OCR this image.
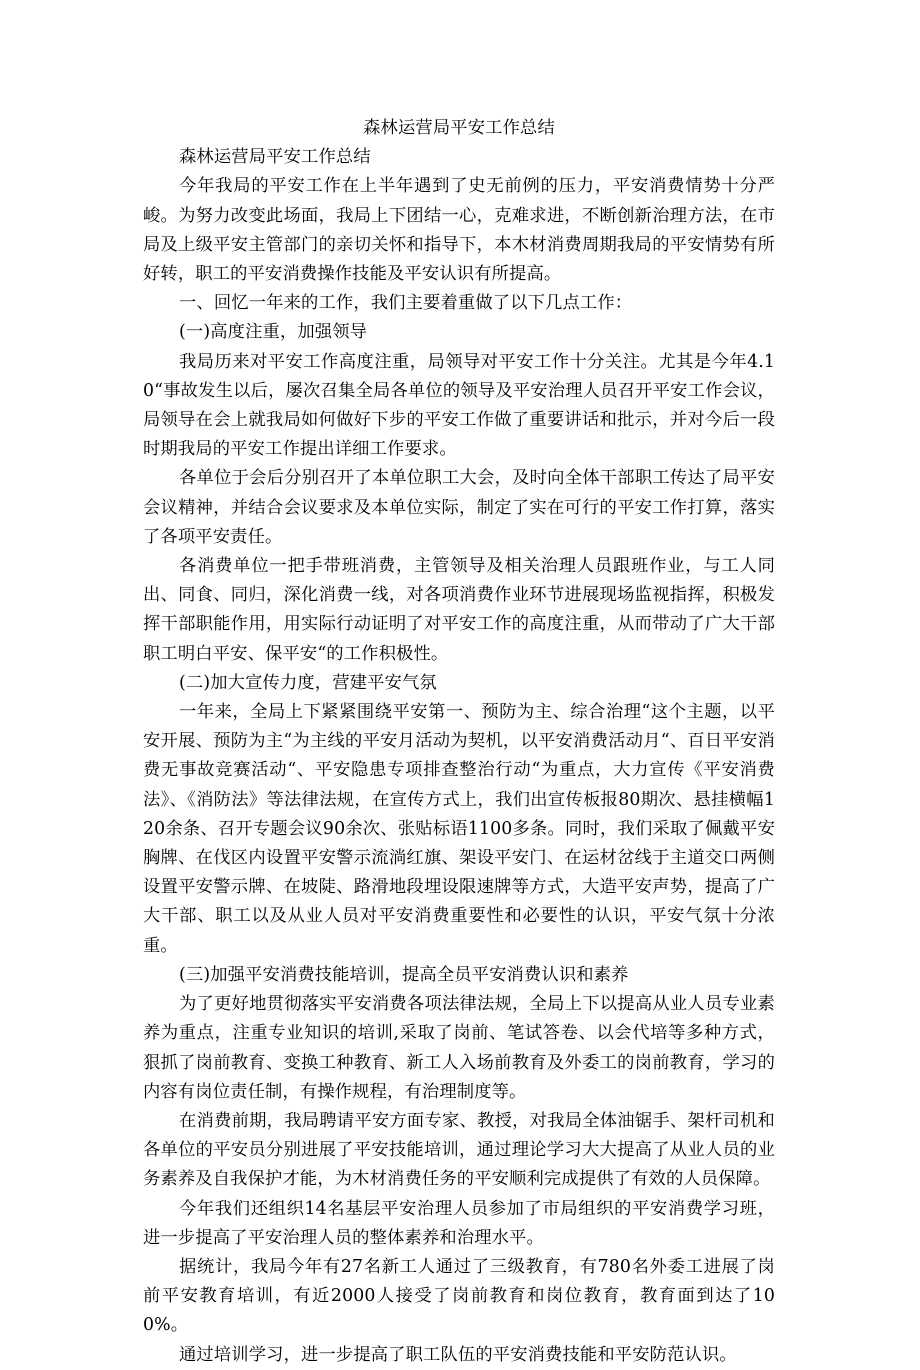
森林运营局平安工作总结

森林运营局平安工作总结

今年我局的平安工作在上半年遇到了史无前例的压力，平安消费情势十分严峻。为努力改变此场面，我局上下团结一心，克难求进，不断创新治理方法，在市局及上级平安主管部门的亲切关怀和指导下，本木材消费周期我局的平安情势有所好转，职工的平安消费操作技能及平安认识有所提高。

一、回忆一年来的工作，我们主要着重做了以下几点工作：

(一)高度注重，加强领导

我局历来对平安工作高度注重，局领导对平安工作十分关注。尤其是今年4.10“事故发生以后，屡次召集全局各单位的领导及平安治理人员召开平安工作会议，局领导在会上就我局如何做好下步的平安工作做了重要讲话和批示，并对今后一段时期我局的平安工作提出详细工作要求。

各单位于会后分别召开了本单位职工大会，及时向全体干部职工传达了局平安会议精神，并结合会议要求及本单位实际，制定了实在可行的平安工作打算，落实了各项平安责任。

各消费单位一把手带班消费，主管领导及相关治理人员跟班作业，与工人同出、同食、同归，深化消费一线，对各项消费作业环节进展现场监视指挥，积极发挥干部职能作用，用实际行动证明了对平安工作的高度注重，从而带动了广大干部职工明白平安、保平安“的工作积极性。

(二)加大宣传力度，营建平安气氛

一年来，全局上下紧紧围绕平安第一、预防为主、综合治理“这个主题，以平安开展、预防为主“为主线的平安月活动为契机，以平安消费活动月“、百日平安消费无事故竞赛活动“、平安隐患专项排查整治行动“为重点，大力宣传《平安消费法》、《消防法》等法律法规，在宣传方式上，我们出宣传板报80期次、悬挂横幅120余条、召开专题会议90余次、张贴标语1100多条。同时，我们采取了佩戴平安胸牌、在伐区内设置平安警示流淌红旗、架设平安门、在运材岔线于主道交口两侧设置平安警示牌、在坡陡、路滑地段埋设限速牌等方式，大造平安声势，提高了广大干部、职工以及从业人员对平安消费重要性和必要性的认识，平安气氛十分浓重。

(三)加强平安消费技能培训，提高全员平安消费认识和素养

为了更好地贯彻落实平安消费各项法律法规，全局上下以提高从业人员专业素养为重点，注重专业知识的培训,采取了岗前、笔试答卷、以会代培等多种方式，狠抓了岗前教育、变换工种教育、新工人入场前教育及外委工的岗前教育，学习的内容有岗位责任制，有操作规程，有治理制度等。

在消费前期，我局聘请平安方面专家、教授，对我局全体油锯手、架杆司机和各单位的平安员分别进展了平安技能培训，通过理论学习大大提高了从业人员的业务素养及自我保护才能，为木材消费任务的平安顺利完成提供了有效的人员保障。

今年我们还组织14名基层平安治理人员参加了市局组织的平安消费学习班，进一步提高了平安治理人员的整体素养和治理水平。

据统计，我局今年有27名新工人通过了三级教育，有780名外委工进展了岗前平安教育培训，有近2000人接受了岗前教育和岗位教育，教育面到达了100%。

通过培训学习，进一步提高了职工队伍的平安消费技能和平安防范认识。
